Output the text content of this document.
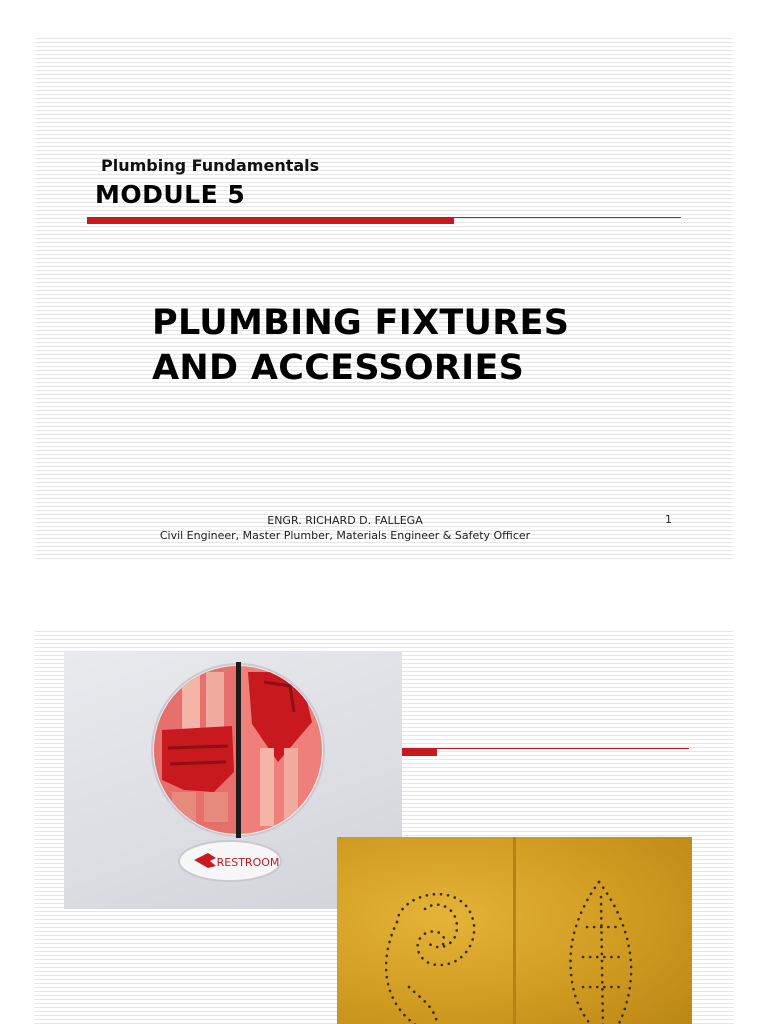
Plumbing Fundamentals
MODULE 5
PLUMBING FIXTURES
AND ACCESSORIES
ENGR. RICHARD D. FALLEGA
Civil Engineer, Master Plumber, Materials Engineer & Safety Officer
1
RESTROOM
